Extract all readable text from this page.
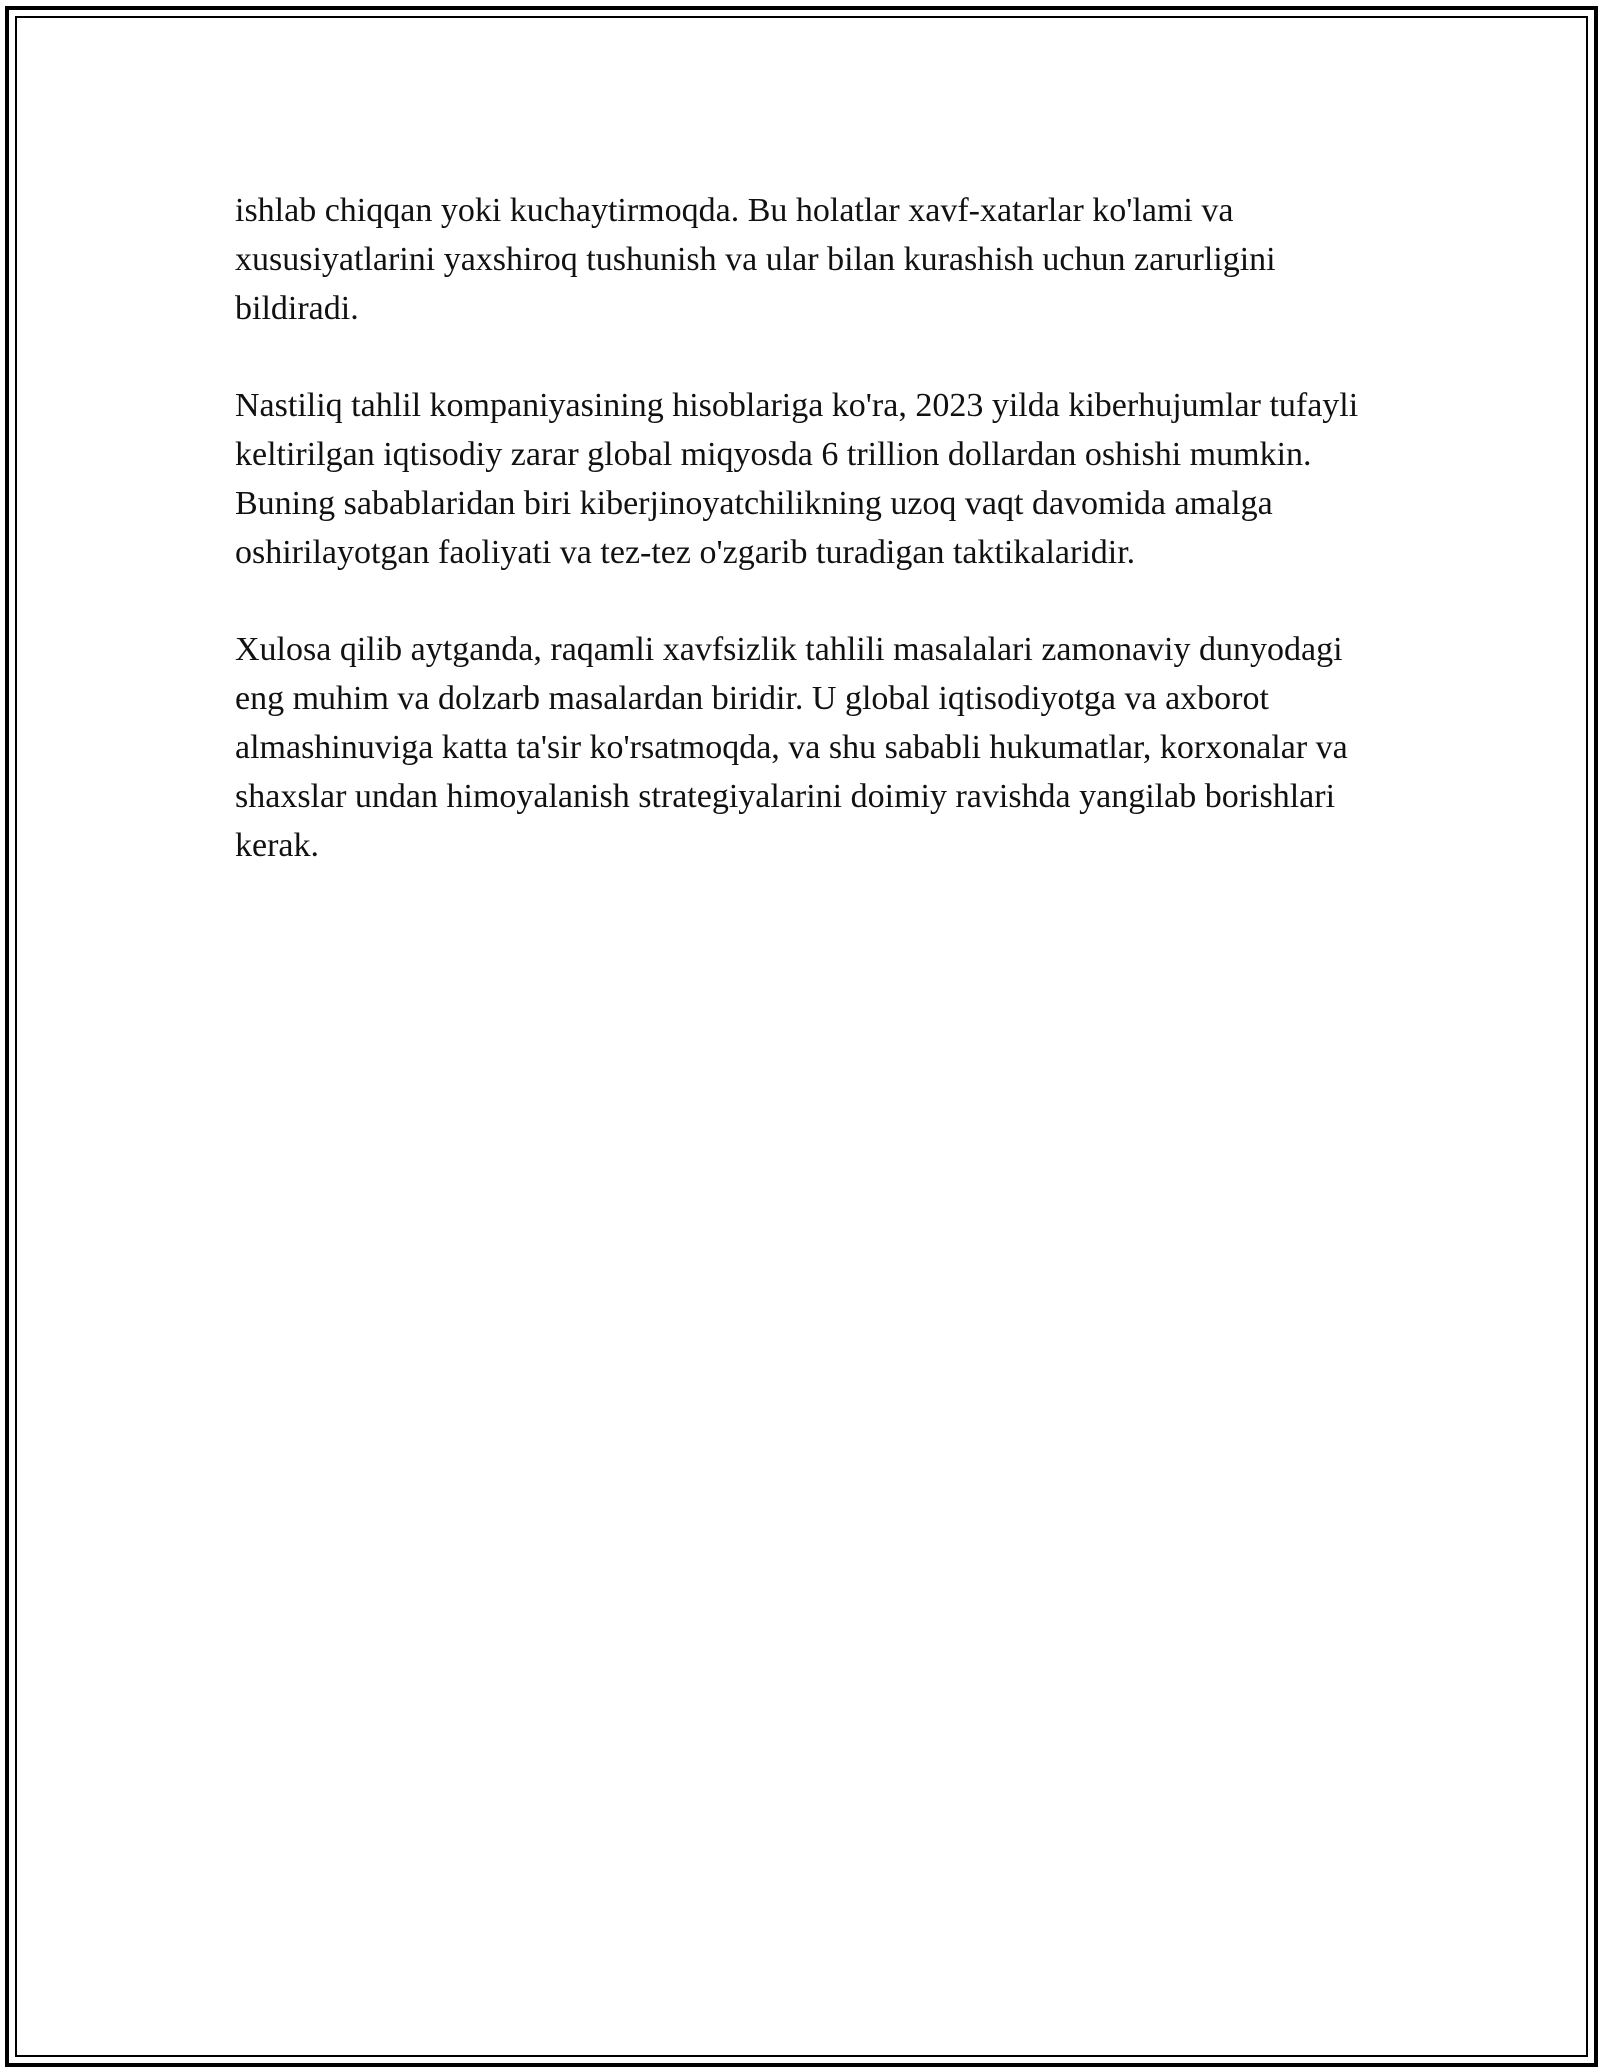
ishlab chiqqan yoki kuchaytirmoqda. Bu holatlar xavf-xatarlar ko'lami va xususiyatlarini yaxshiroq tushunish va ular bilan kurashish uchun zarurligini bildiradi.

Nastiliq tahlil kompaniyasining hisoblariga ko'ra, 2023 yilda kiberhujumlar tufayli keltirilgan iqtisodiy zarar global miqyosda 6 trillion dollardan oshishi mumkin. Buning sabablaridan biri kiberjinoyatchilikning uzoq vaqt davomida amalga oshirilayotgan faoliyati va tez-tez o'zgarib turadigan taktikalaridir.

Xulosa qilib aytganda, raqamli xavfsizlik tahlili masalalari zamonaviy dunyodagi eng muhim va dolzarb masalardan biridir. U global iqtisodiyotga va axborot almashinuviga katta ta'sir ko'rsatmoqda, va shu sababli hukumatlar, korxonalar va shaxslar undan himoyalanish strategiyalarini doimiy ravishda yangilab borishlari kerak.
